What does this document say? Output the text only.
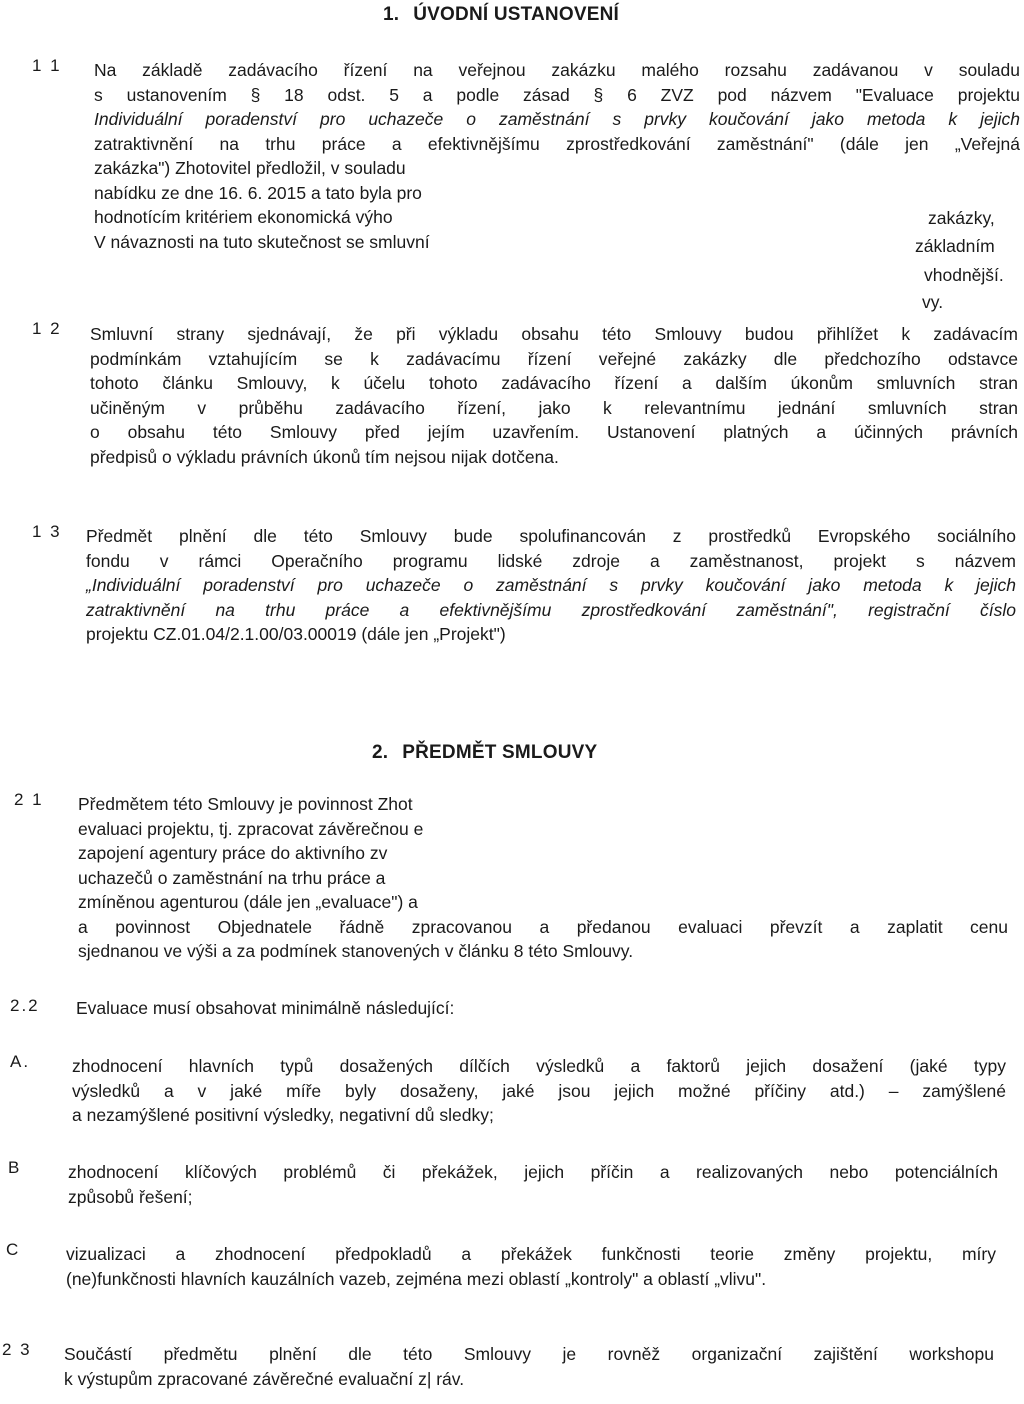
1. ÚVODNÍ USTANOVENÍ
1 1 Na základě zadávacího řízení na veřejnou zakázku malého rozsahu zadávanou v souladu
s ustanovením § 18 odst. 5 a podle zásad § 6 ZVZ pod názvem "Evaluace projektu
Individuální poradenství pro uchazeče o zaměstnání s prvky koučování jako metoda k jejich
zatraktivnění na trhu práce a efektivnějšímu zprostředkování zaměstnání" (dále jen „Veřejná
zakázka") Zhotovitel předložil, v souladu
nabídku ze dne 16. 6. 2015 a tato byla pro
hodnotícím kritériem ekonomická výho
V návaznosti na tuto skutečnost se smluvní
zakázky,
základním
vhodnější.
vy.
1 2 Smluvní strany sjednávají, že při výkladu obsahu této Smlouvy budou přihlížet k zadávacím
podmínkám vztahujícím se k zadávacímu řízení veřejné zakázky dle předchozího odstavce
tohoto článku Smlouvy, k účelu tohoto zadávacího řízení a dalším úkonům smluvních stran
učiněným v průběhu zadávacího řízení, jako k relevantnímu jednání smluvních stran
o obsahu této Smlouvy před jejím uzavřením. Ustanovení platných a účinných právních
předpisů o výkladu právních úkonů tím nejsou nijak dotčena.
1 3 Předmět plnění dle této Smlouvy bude spolufinancován z prostředků Evropského sociálního
fondu v rámci Operačního programu lidské zdroje a zaměstnanost, projekt s názvem
„Individuální poradenství pro uchazeče o zaměstnání s prvky koučování jako metoda k jejich
zatraktivnění na trhu práce a efektivnějšímu zprostředkování zaměstnání", registrační číslo
projektu CZ.01.04/2.1.00/03.00019 (dále jen „Projekt")
2. PŘEDMĚT SMLOUVY
2 1 Předmětem této Smlouvy je povinnost Zhot
evaluaci projektu, tj. zpracovat závěrečnou e
zapojení agentury práce do aktivního zv
uchazečů o zaměstnání na trhu práce a
zmíněnou agenturou (dále jen „evaluace") a
a povinnost Objednatele řádně zpracovanou a předanou evaluaci převzít a zaplatit cenu
sjednanou ve výši a za podmínek stanovených v článku 8 této Smlouvy.
2.2 Evaluace musí obsahovat minimálně následující:
A. zhodnocení hlavních typů dosažených dílčích výsledků a faktorů jejich dosažení (jaké typy
výsledků a v jaké míře byly dosaženy, jaké jsou jejich možné příčiny atd.) – zamýšlené
a nezamýšlené positivní výsledky, negativní dů sledky;
B	zhodnocení klíčových problémů či překážek, jejich příčin a realizovaných nebo potenciálních
způsobů řešení;
C	vizualizaci a zhodnocení předpokladů a překážek funkčnosti teorie změny projektu, míry
(ne)funkčnosti hlavních kauzálních vazeb, zejména mezi oblastí „kontroly" a oblastí „vlivu".
2 3 Součástí předmětu plnění dle této Smlouvy je rovněž organizační zajištění workshopu
k výstupům zpracované závěrečné evaluační z| ráv.
